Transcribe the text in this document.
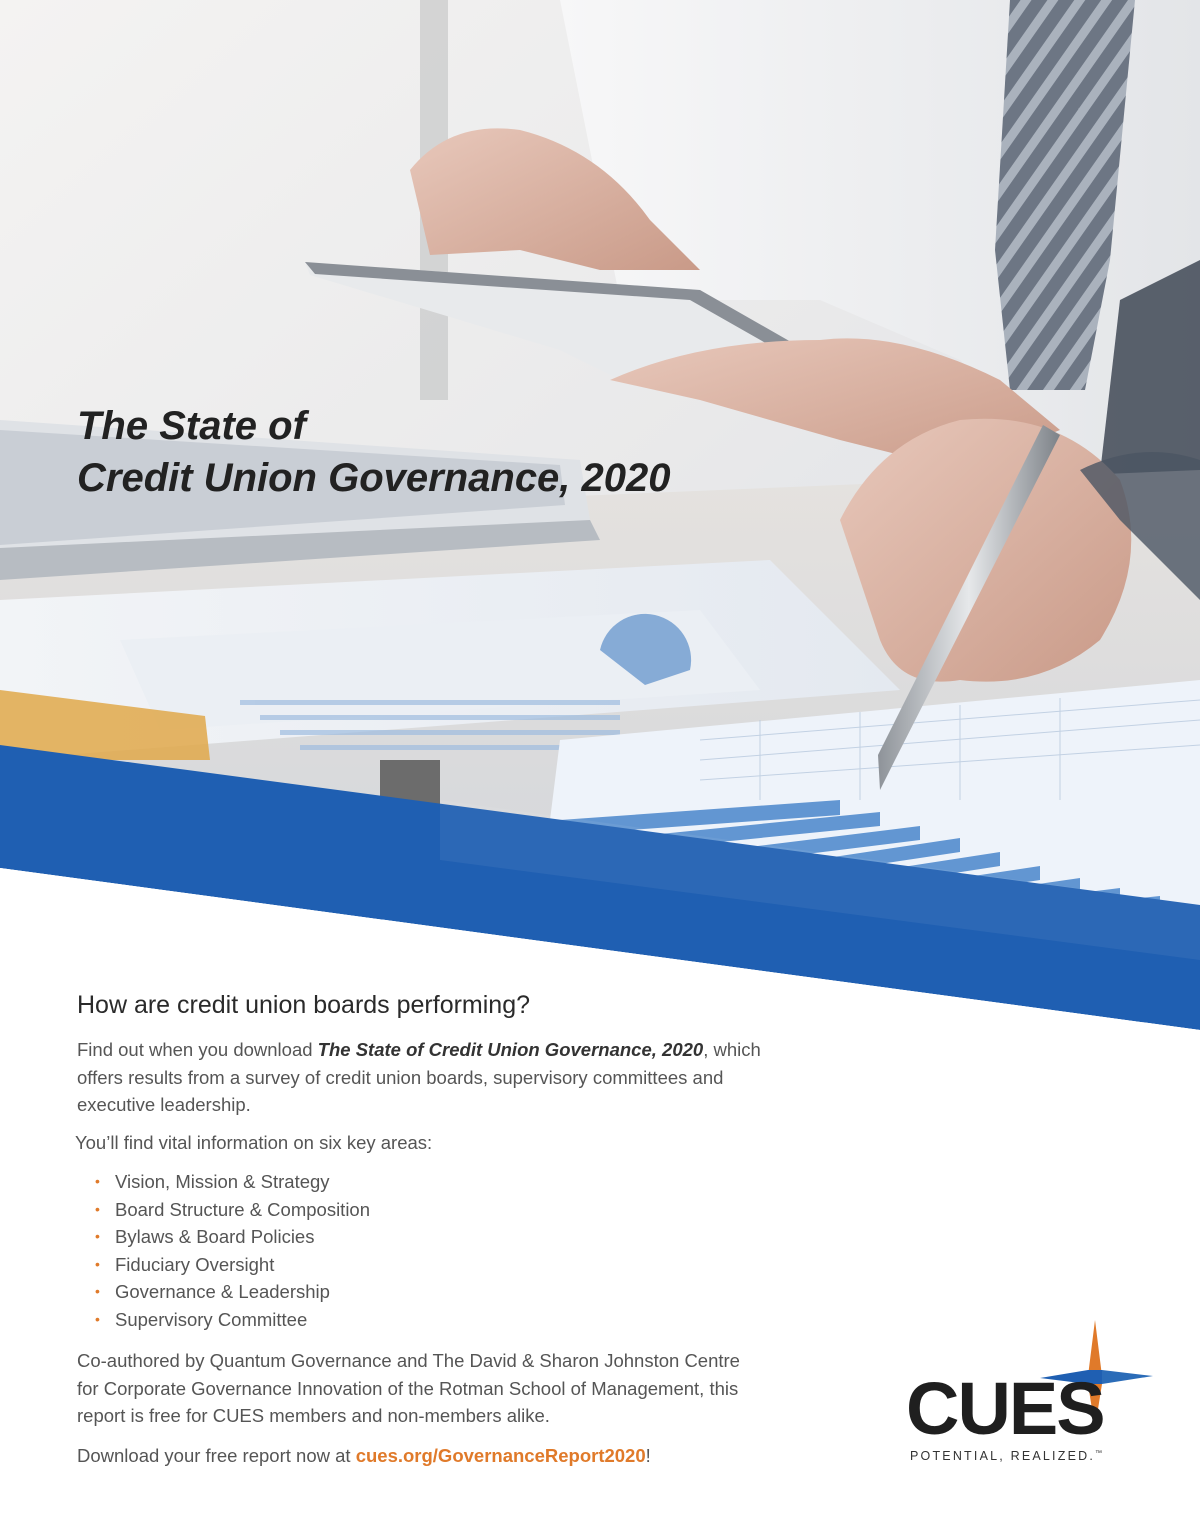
The State of
Credit Union Governance, 2020
How are credit union boards performing?

Find out when you download The State of Credit Union Governance, 2020, which offers results from a survey of credit union boards, supervisory committees and executive leadership.

You’ll find vital information on six key areas:

• Vision, Mission & Strategy
• Board Structure & Composition
• Bylaws & Board Policies
• Fiduciary Oversight
• Governance & Leadership
• Supervisory Committee

Co-authored by Quantum Governance and The David & Sharon Johnston Centre for Corporate Governance Innovation of the Rotman School of Management, this report is free for CUES members and non-members alike.

Download your free report now at cues.org/GovernanceReport2020!

CUES
POTENTIAL, REALIZED.™
